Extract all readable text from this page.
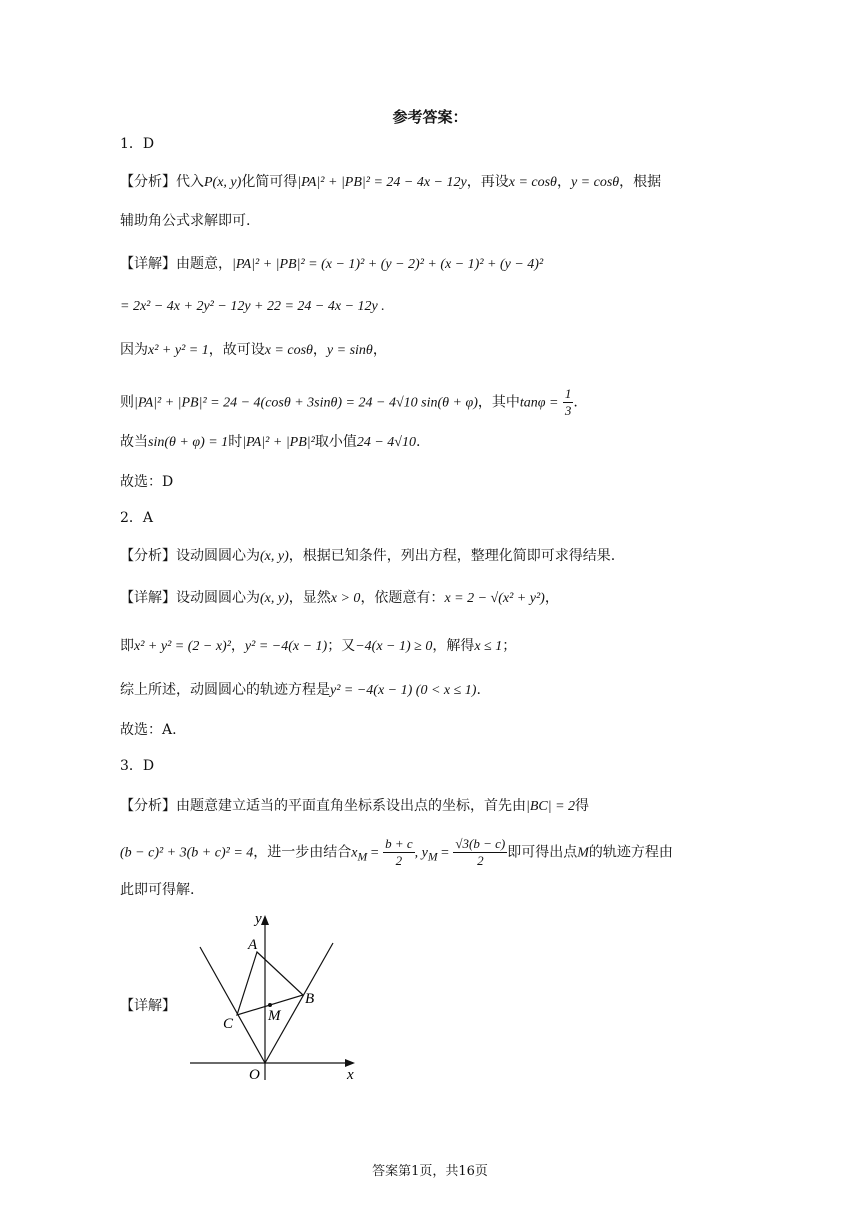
参考答案：
1．D
【分析】代入P(x, y)化简可得|PA|² + |PB|² = 24 − 4x − 12y，再设x = cosθ，y = cosθ，根据
辅助角公式求解即可.
【详解】由题意，|PA|² + |PB|² = (x − 1)² + (y − 2)² + (x − 1)² + (y − 4)²
= 2x² − 4x + 2y² − 12y + 22 = 24 − 4x − 12y .
因为x² + y² = 1，故可设x = cosθ，y = sinθ，
则|PA|² + |PB|² = 24 − 4(cosθ + 3sinθ) = 24 − 4√10 sin(θ + φ)，其中$\tan\varphi = \frac{1}{3}$ .
故当sin(θ + φ) = 1时|PA|² + |PB|²取小值24 − 4√10.
故选：D
2．A
【分析】设动圆圆心为(x, y)，根据已知条件，列出方程，整理化简即可求得结果.
【详解】设动圆圆心为(x, y)，显然x > 0，依题意有：x = 2 − √(x² + y²)，
即x² + y² = (2 − x)²，y² = −4(x − 1)；又−4(x − 1) ≥ 0，解得x ≤ 1；
综上所述，动圆圆心的轨迹方程是y² = −4(x − 1) (0 < x ≤ 1).
故选：A.
3．D
【分析】由题意建立适当的平面直角坐标系设出点的坐标，首先由|BC| = 2得
(b − c)² + 3(b + c)² = 4，进一步由结合$x_M = \frac{b + c}{2}$ , $y_M = \frac{√3(b - c)}{2}$ 即可得出点M的轨迹方程由
此即可得解.
【详解】
y
x
O
A
B
C M
答案第1页，共16页
